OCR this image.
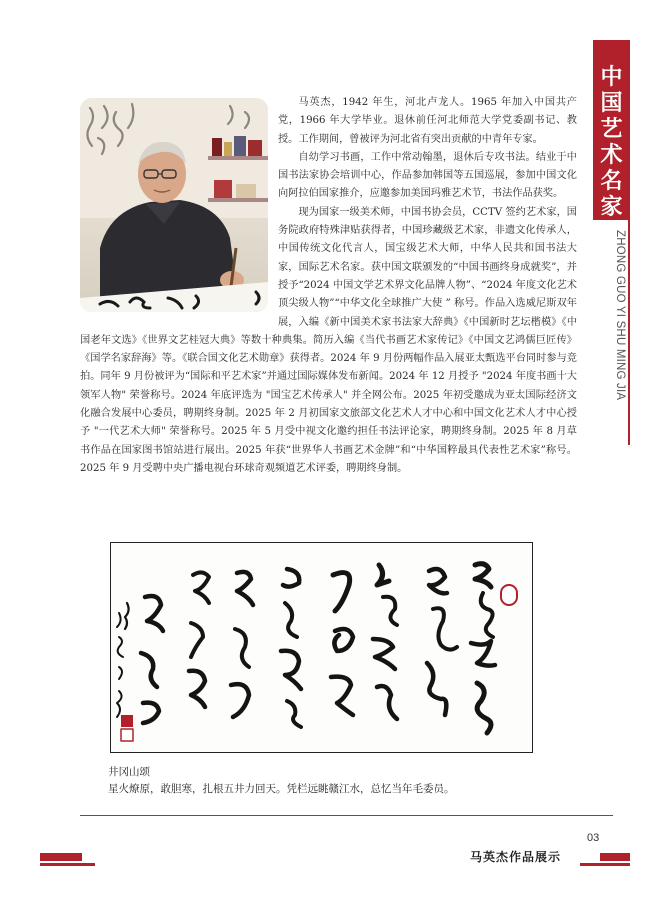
中
国
艺
术
名
家
ZHONG GUO YI SHU MING JIA

马英杰，1942 年生，河北卢龙人。1965 年加入中国共产党，1966 年大学毕业。退休前任河北师范大学党委副书记、教授。工作期间，曾被评为河北省有突出贡献的中青年专家。

自幼学习书画，工作中常动翰墨，退休后专攻书法。结业于中国书法家协会培训中心，作品参加韩国等五国巡展，参加中国文化向阿拉伯国家推介，应邀参加美国玛雅艺术节，书法作品获奖。

现为国家一级美术师，中国书协会员，CCTV 签约艺术家，国务院政府特殊津贴获得者，中国珍藏级艺术家，非遗文化传承人，中国传统文化代言人，国宝级艺术大师，中华人民共和国书法大家，国际艺术名家。获中国文联颁发的“中国书画终身成就奖”，并授予“2024 中国文学艺术界文化品牌人物”、“2024 年度文化艺术顶尖级人物”“中华文化全球推广大使 ” 称号。作品入选威尼斯双年展，入编《新中国美术家书法家大辞典》《中国新时艺坛楷模》《中国老年文选》《世界文艺桂冠大典》等数十种典集。简历入编《当代书画艺术家传记》《中国文艺鸿儒巨匠传》《国学名家辞海》等。《联合国文化艺术勋章》获得者。2024 年 9 月份两幅作品入展亚太甄选平台同时参与竞拍。同年 9 月份被评为“国际和平艺术家”并通过国际媒体发布新闻。2024 年 12 月授予 "2024 年度书画十大领军人物" 荣誉称号。2024 年底评选为 "国宝艺术传承人" 并全网公布。2025 年初受邀成为亚太国际经济文化融合发展中心委员，聘期终身制。2025 年 2 月初国家文旅部文化艺术人才中心和中国文化艺术人才中心授予 "一代艺术大师" 荣誉称号。2025 年 5 月受中视文化邀约担任书法评论家，聘期终身制。2025 年 8 月草书作品在国家图书馆站进行展出。2025 年获“世界华人书画艺术金牌”和“中华国粹最具代表性艺术家”称号。2025 年 9 月受聘中央广播电视台环球奇观频道艺术评委，聘期终身制。

井冈山颂
星火燎原，敢胆寒，扎根五井力回天。凭栏远眺赣江水，总忆当年毛委员。
03
马英杰作品展示
